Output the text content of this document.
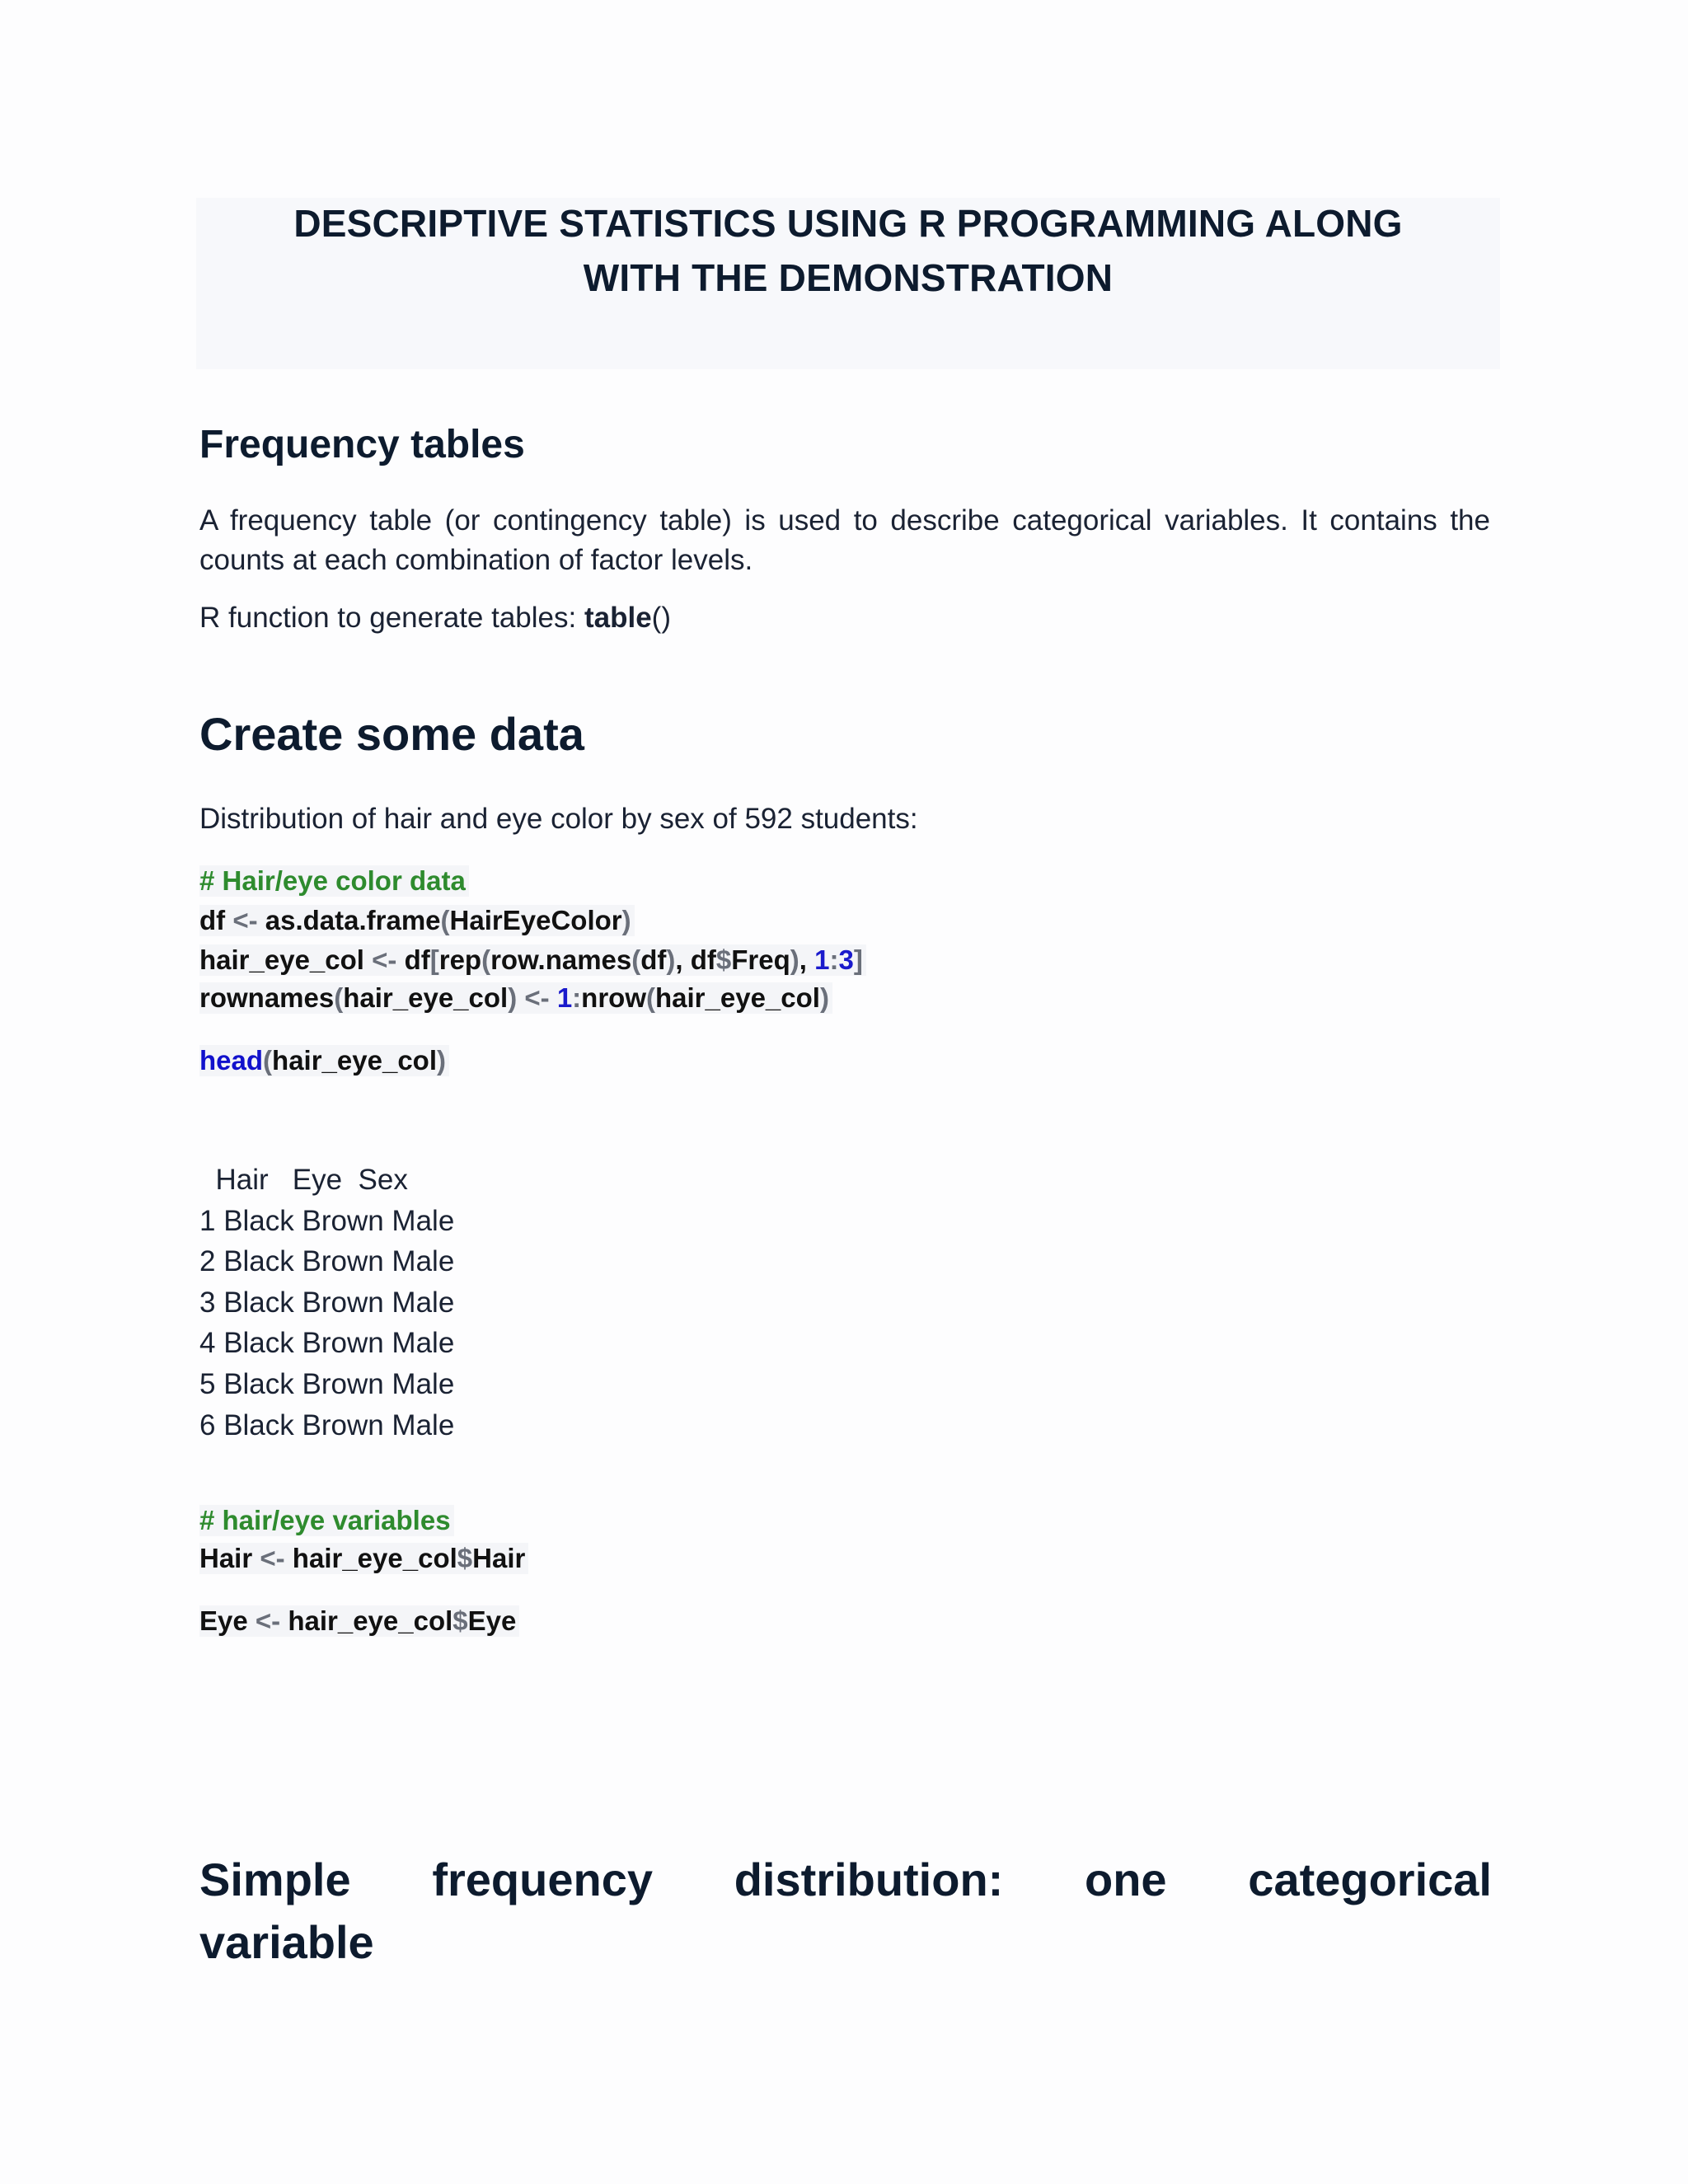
DESCRIPTIVE STATISTICS USING R PROGRAMMING ALONG
WITH THE DEMONSTRATION
Frequency tables
A frequency table (or contingency table) is used to describe categorical variables. It contains the counts at each combination of factor levels.
R function to generate tables: table()
Create some data
Distribution of hair and eye color by sex of 592 students:
# Hair/eye color data
df <- as.data.frame(HairEyeColor)
hair_eye_col <- df[rep(row.names(df), df$Freq), 1:3]
rownames(hair_eye_col) <- 1:nrow(hair_eye_col)
head(hair_eye_col)
Hair   Eye  Sex
1 Black Brown Male
2 Black Brown Male
3 Black Brown Male
4 Black Brown Male
5 Black Brown Male
6 Black Brown Male
# hair/eye variables
Hair <- hair_eye_col$Hair
Eye <- hair_eye_col$Eye
Simple frequency distribution: one categorical
variable
